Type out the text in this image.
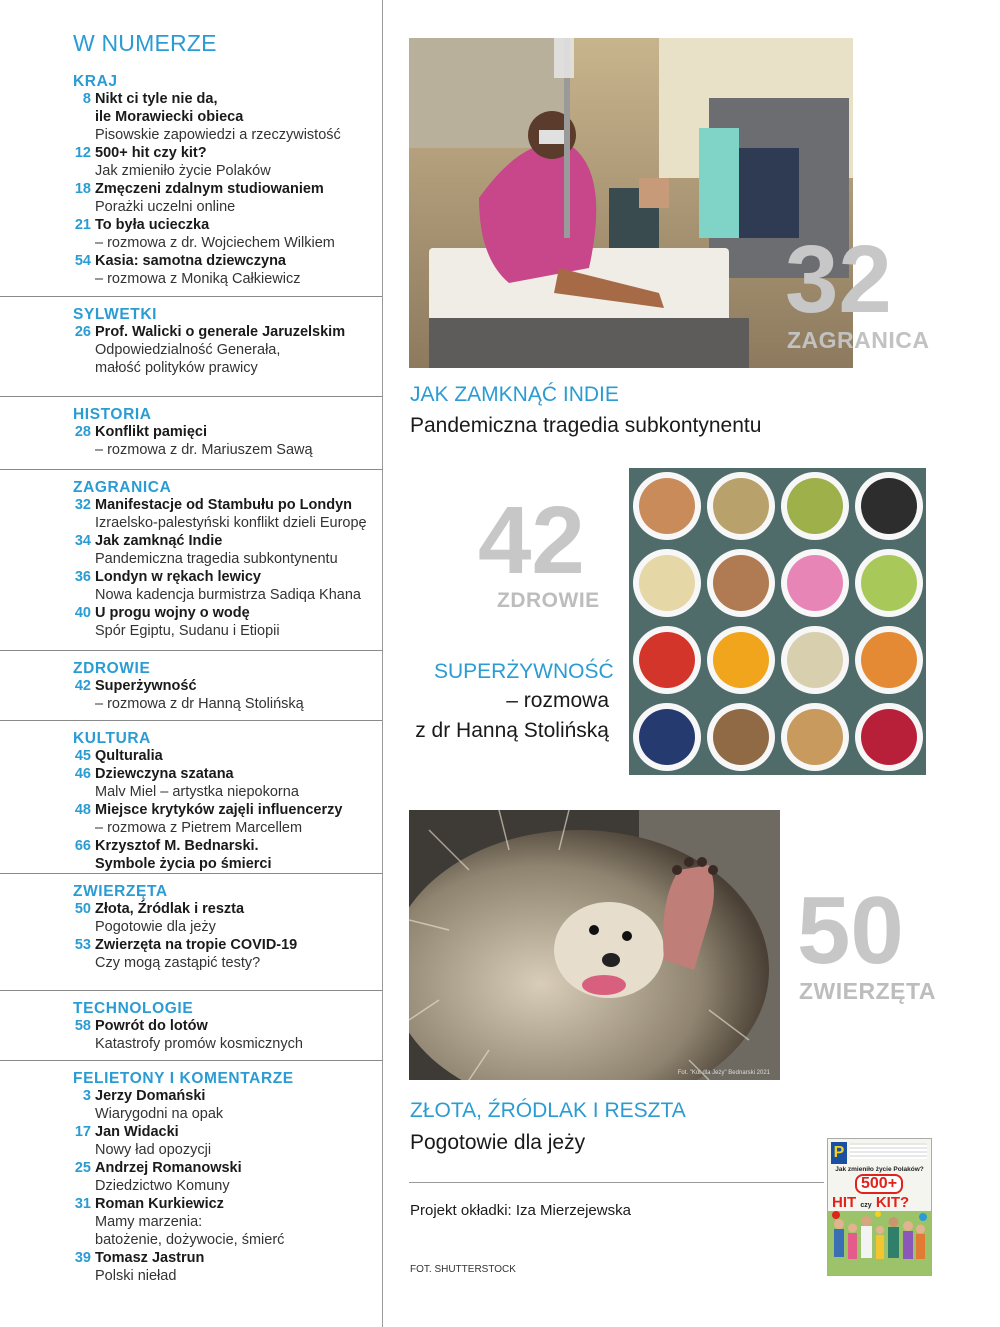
W NUMERZE
KRAJ
8 Nikt ci tyle nie da,
ile Morawiecki obieca
Pisowskie zapowiedzi a rzeczywistość
12 500+ hit czy kit?
Jak zmieniło życie Polaków
18 Zmęczeni zdalnym studiowaniem
Porażki uczelni online
21 To była ucieczka
– rozmowa z dr. Wojciechem Wilkiem
54 Kasia: samotna dziewczyna
– rozmowa z Moniką Całkiewicz
SYLWETKI
26 Prof. Walicki o generale Jaruzelskim
Odpowiedzialność Generała,
małość polityków prawicy
HISTORIA
28 Konflikt pamięci
– rozmowa z dr. Mariuszem Sawą
ZAGRANICA
32 Manifestacje od Stambułu po Londyn
Izraelsko-palestyński konflikt dzieli Europę
34 Jak zamknąć Indie
Pandemiczna tragedia subkontynentu
36 Londyn w rękach lewicy
Nowa kadencja burmistrza Sadiqa Khana
40 U progu wojny o wodę
Spór Egiptu, Sudanu i Etiopii
ZDROWIE
42 Superżywność
– rozmowa z dr Hanną Stolińską
KULTURA
45 Qulturalia
46 Dziewczyna szatana
Malv Miel – artystka niepokorna
48 Miejsce krytyków zajęli influencerzy
– rozmowa z Pietrem Marcellem
66 Krzysztof M. Bednarski.
Symbole życia po śmierci
ZWIERZĘTA
50 Złota, Źródlak i reszta
Pogotowie dla jeży
53 Zwierzęta na tropie COVID-19
Czy mogą zastąpić testy?
TECHNOLOGIE
58 Powrót do lotów
Katastrofy promów kosmicznych
FELIETONY I KOMENTARZE
3 Jerzy Domański
Wiarygodni na opak
17 Jan Widacki
Nowy ład opozycji
25 Andrzej Romanowski
Dziedzictwo Komuny
31 Roman Kurkiewicz
Mamy marzenia:
batożenie, dożywocie, śmierć
39 Tomasz Jastrun
Polski nieład
32
ZAGRANICA
JAK ZAMKNĄĆ INDIE
Pandemiczna tragedia subkontynentu
42
ZDROWIE
SUPERŻYWNOŚĆ
– rozmowa
z dr Hanną Stolińską
Fot. "Kot dla Jeży" Bednarski 2021
50
ZWIERZĘTA
ZŁOTA, ŹRÓDLAK I RESZTA
Pogotowie dla jeży
Projekt okładki: Iza Mierzejewska
FOT. SHUTTERSTOCK
P
Jak zmieniło życie Polaków?
500+
HIT czy KIT?
